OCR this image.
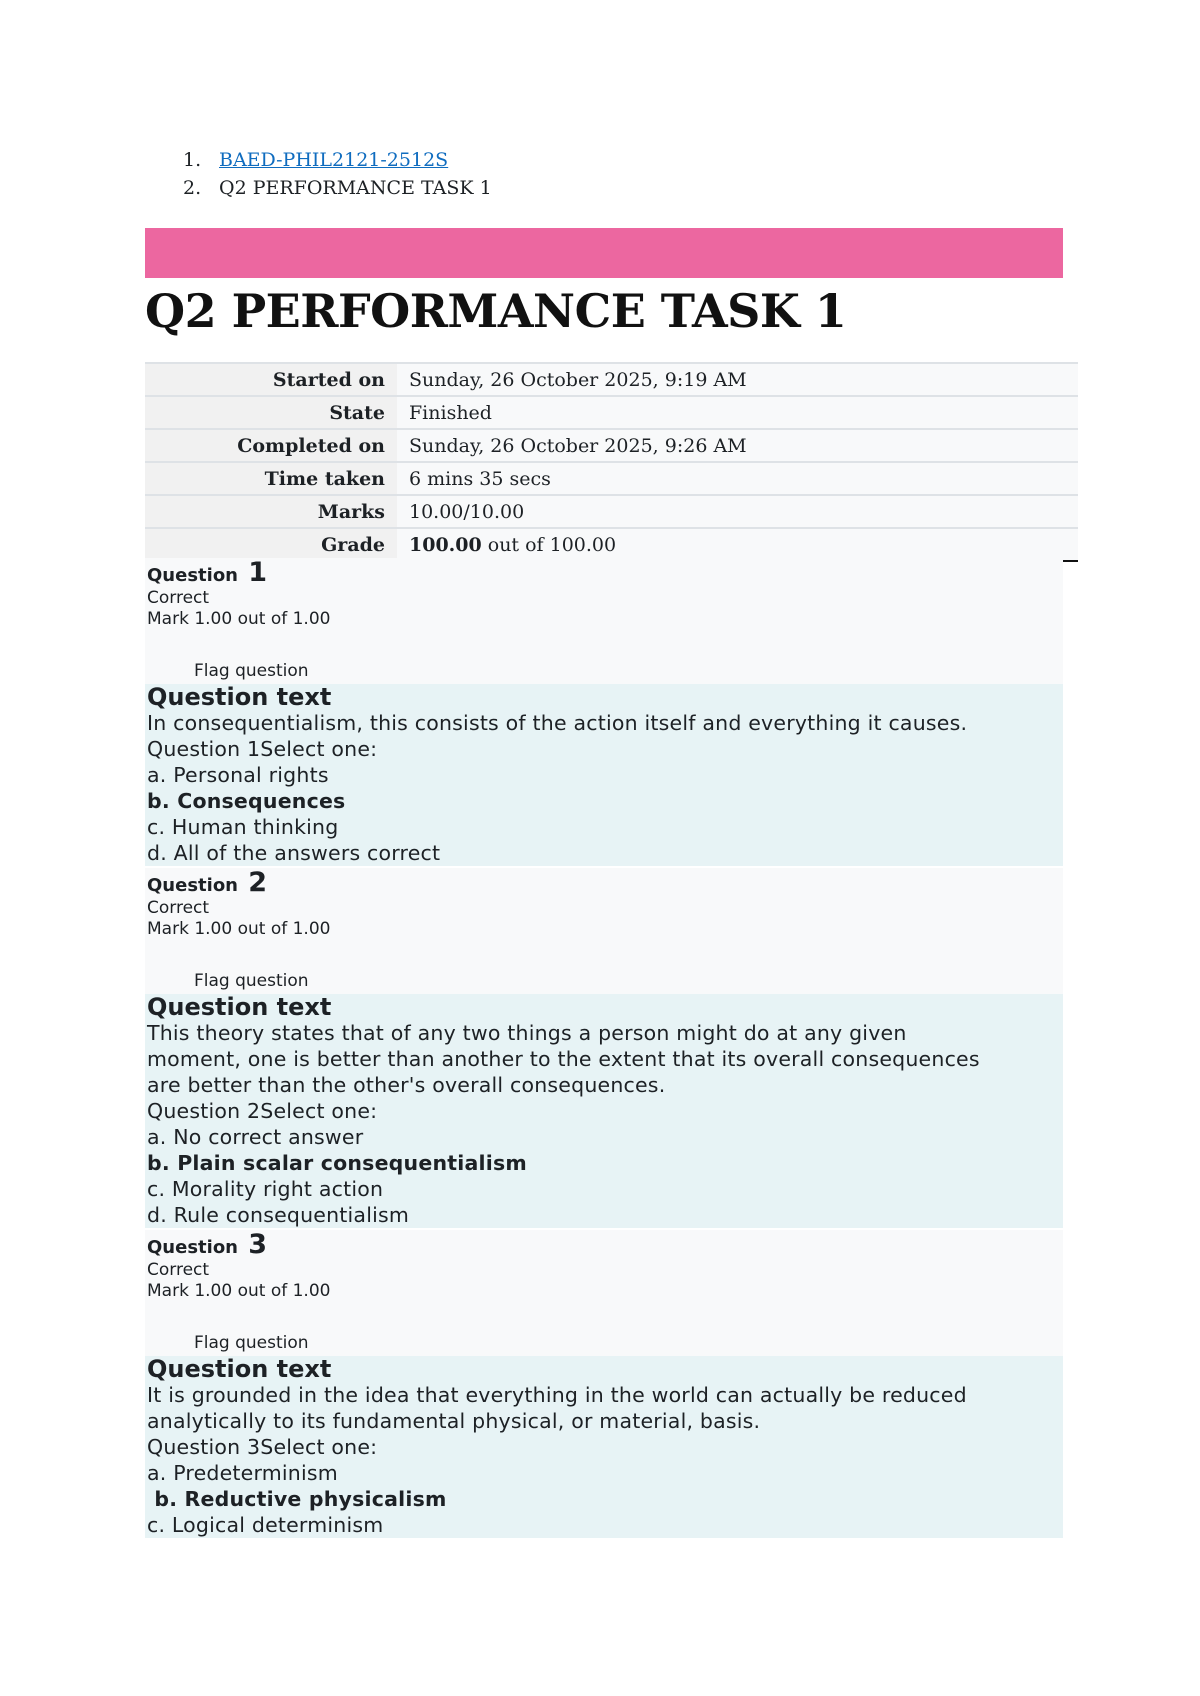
1. BAED-PHIL2121-2512S
2. Q2 PERFORMANCE TASK 1
Q2 PERFORMANCE TASK 1
Started on	Sunday, 26 October 2025, 9:19 AM
State	Finished
Completed on	Sunday, 26 October 2025, 9:26 AM
Time taken	6 mins 35 secs
Marks	10.00/10.00
Grade	100.00 out of 100.00
Question 1
Correct
Mark 1.00 out of 1.00
Flag question
Question text
In consequentialism, this consists of the action itself and everything it causes.
Question 1Select one:
a. Personal rights
b. Consequences
c. Human thinking
d. All of the answers correct
Question 2
Correct
Mark 1.00 out of 1.00
Flag question
Question text
This theory states that of any two things a person might do at any given
moment, one is better than another to the extent that its overall consequences
are better than the other's overall consequences.
Question 2Select one:
a. No correct answer
b. Plain scalar consequentialism
c. Morality right action
d. Rule consequentialism
Question 3
Correct
Mark 1.00 out of 1.00
Flag question
Question text
It is grounded in the idea that everything in the world can actually be reduced
analytically to its fundamental physical, or material, basis.
Question 3Select one:
a. Predeterminism
b. Reductive physicalism
c. Logical determinism
